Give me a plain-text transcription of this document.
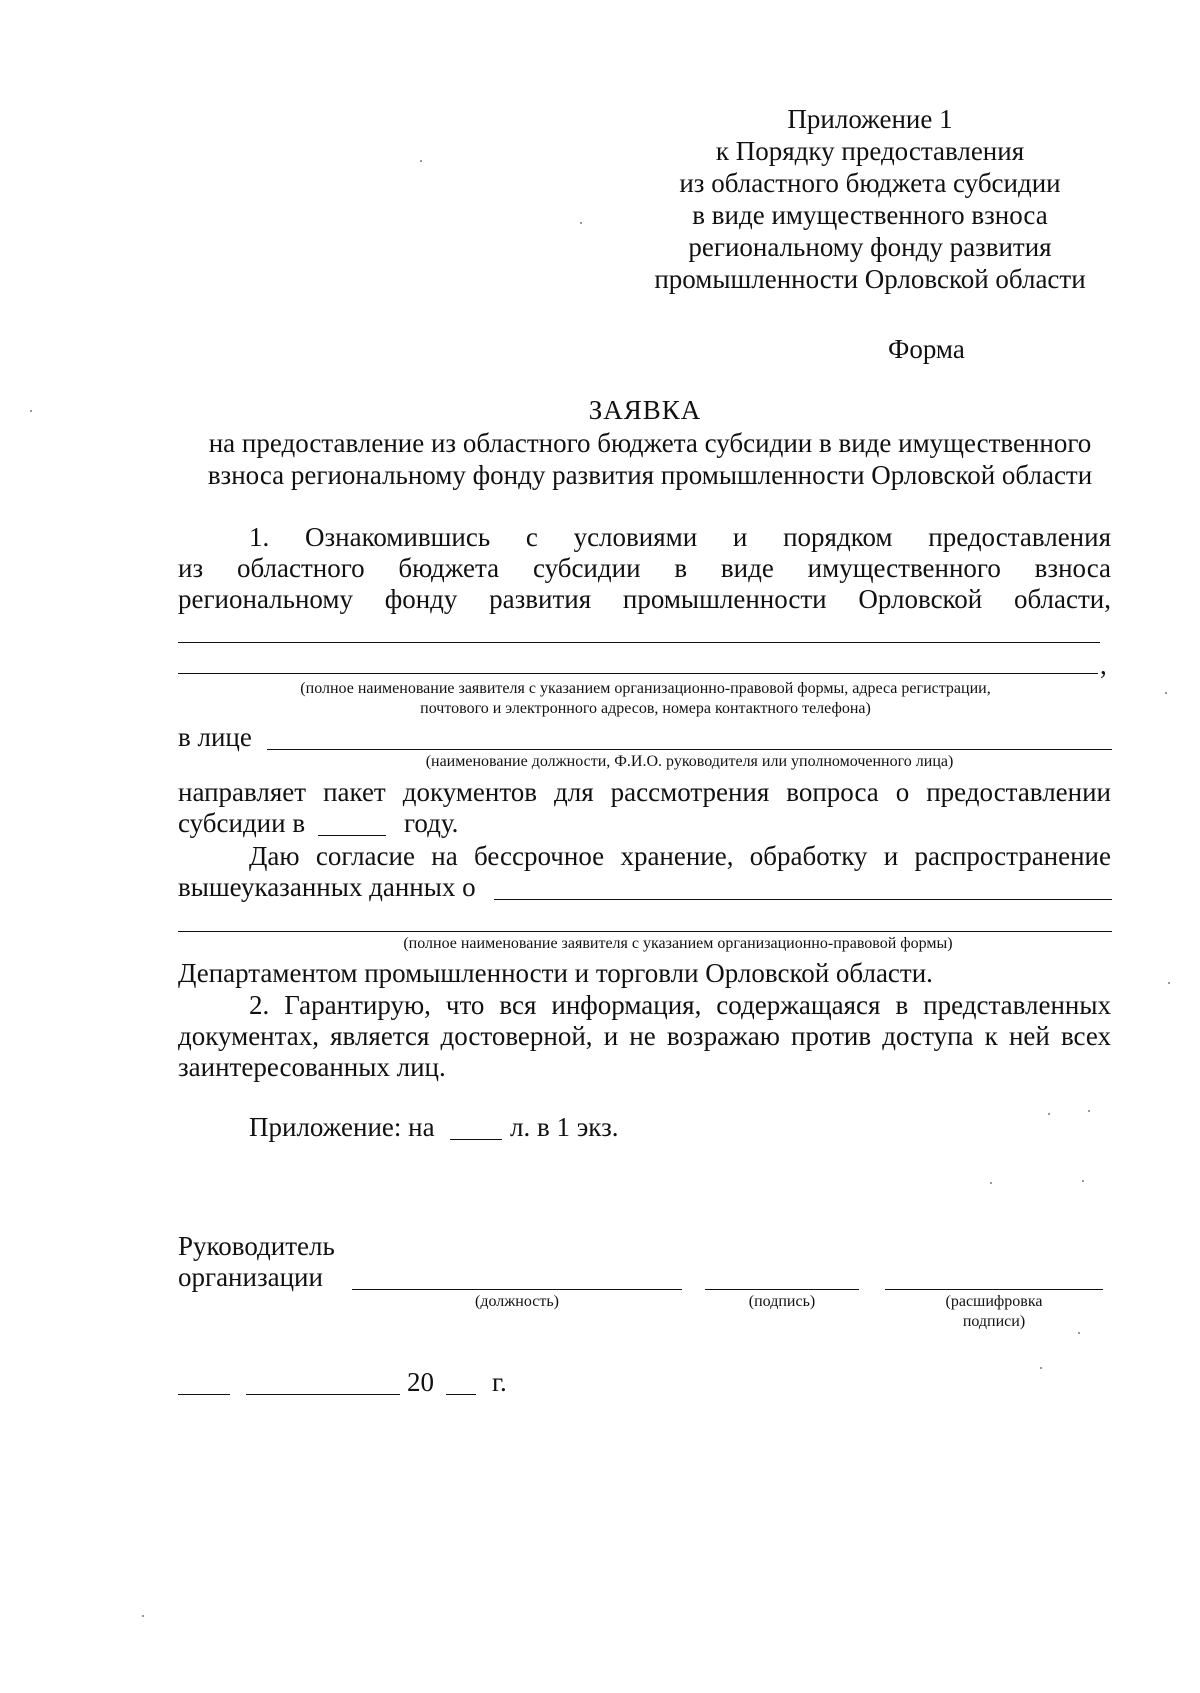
Приложение 1
к Порядку предоставления
из областного бюджета субсидии
в виде имущественного взноса
региональному фонду развития
промышленности Орловской области
Форма
ЗАЯВКА
на предоставление из областного бюджета субсидии в виде имущественного
взноса региональному фонду развития промышленности Орловской области
1. Ознакомившись с условиями и порядком предоставления
из областного бюджета субсидии в виде имущественного взноса
региональному фонду развития промышленности Орловской области,
,
(полное наименование заявителя с указанием организационно-правовой формы, адреса регистрации,
почтового и электронного адресов, номера контактного телефона)
в лице
(наименование должности, Ф.И.О. руководителя или уполномоченного лица)
направляет пакет документов для рассмотрения вопроса о предоставлении
субсидии в	году.
Даю согласие на бессрочное хранение, обработку и распространение
вышеуказанных данных о
(полное наименование заявителя с указанием организационно-правовой формы)
Департаментом промышленности и торговли Орловской области.
2. Гарантирую, что вся информация, содержащаяся в представленных
документах, является достоверной, и не возражаю против доступа к ней всех
заинтересованных лиц.
Приложение: на	л. в 1 экз.
Руководитель
организации
(должность)	(подпись)	(расшифровка
подписи)
20 г.
